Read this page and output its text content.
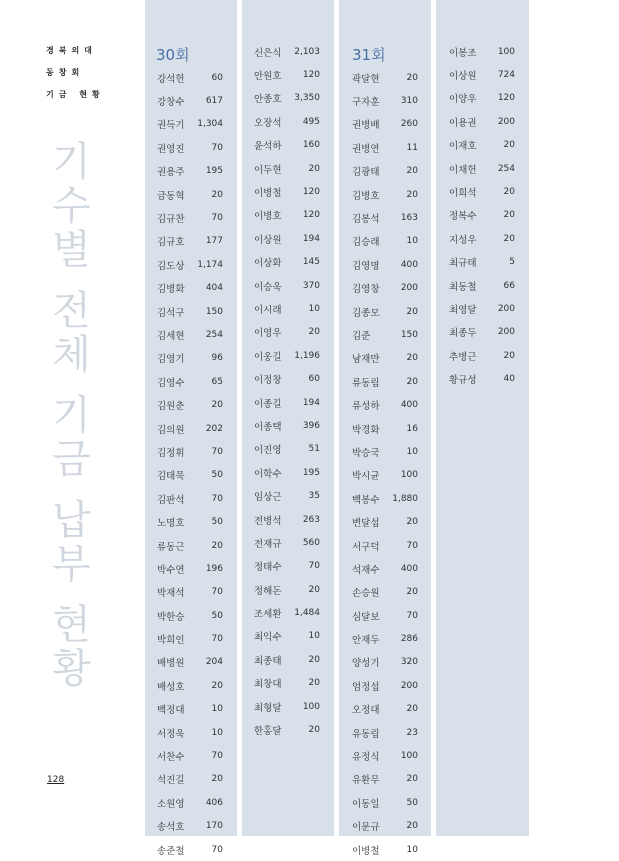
경북의대
동창회
기금 현황
기수별 전체 기금 납부 현황
128
30회	31회
강석헌	60
강창수 617
권득기 1,304
권영진	70
권용주 195
금동혁	20
김규찬	70
김규호 177
김도상 1,174
김병화 404
김석구 150
김세현 254
김영기	96
김영수	65
김원춘	20
김의원 202
김정휘	70
김태묵	50
김판석	70
노명호	50
류동근	20
박수연 196
박재석	70
박한승	50
박희인	70
배병원 204
배성호	20
백정대	10
서정욱	10
서찬수	70
석진길	20
소원영 406
송석호 170
송준철	70
신은식 2,103
안원호 120
안종호 3,350
오장석 495
윤석하 160
이두현	20
이병철 120
이병호 120
이상원 194
이상화 145
이승욱 370
이시래	10
이영우	20
이웅길 1,196
이정창	60
이종길 194
이종택 396
이진영	51
이학수 195
임상근	35
전병석 263
전재규 560
정태수	70
정해돈	20
조세환 1,484
최익수	10
최종태	20
최창대	20
최형달 100
한홍달	20
곽달현	20
구자훈 310
권병배 260
권병연	11
김광태	20
김병호	20
김봉석 163
김승래	10
김영명 400
김영창 200
김종모	20
김준	150
남재만	20
류동림	20
류성하 400
박경화	16
박승국	10
박시균 100
백봉수 1,880
변달섭	20
서구덕	70
석재수 400
손승원	20
심달보	70
안재두 286
양성기 320
엄정섭 200
오정대	20
유동림	23
유정식 100
유환무	20
이동일	50
이문규	20
이병철	10
이봉조 100
이상원 724
이양우 120
이용권 200
이재호	20
이채헌 254
이희석	20
정복수	20
지성우	20
최규태	5
최동철	66
최영달 200
최종두 200
추병근	20
황규성	40
